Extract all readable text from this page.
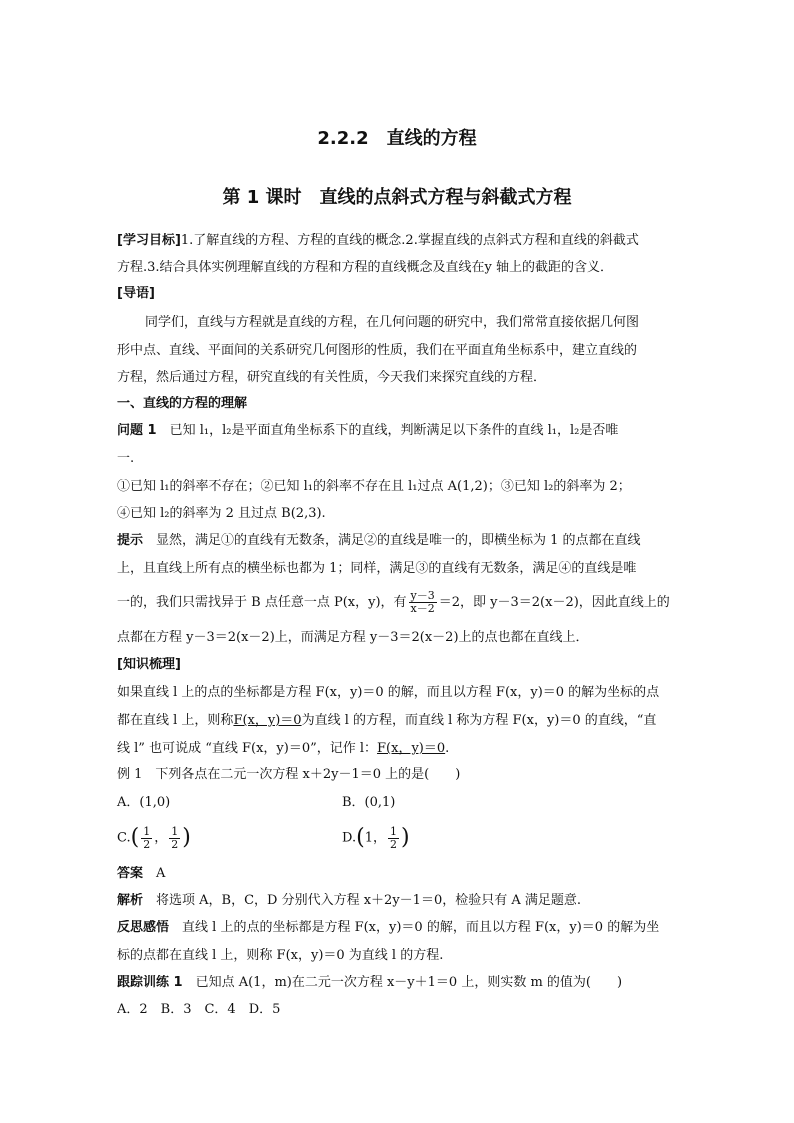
2.2.2　直线的方程
第 1 课时　直线的点斜式方程与斜截式方程
[学习目标]1.了解直线的方程、方程的直线的概念.2.掌握直线的点斜式方程和直线的斜截式
方程.3.结合具体实例理解直线的方程和方程的直线概念及直线在y 轴上的截距的含义．
[导语]
同学们，直线与方程就是直线的方程，在几何问题的研究中，我们常常直接依据几何图
形中点、直线、平面间的关系研究几何图形的性质，我们在平面直角坐标系中，建立直线的
方程，然后通过方程，研究直线的有关性质，今天我们来探究直线的方程．
一、直线的方程的理解
问题 1　已知 l₁，l₂是平面直角坐标系下的直线，判断满足以下条件的直线 l₁，l₂是否唯
一.
①已知 l₁的斜率不存在；②已知 l₁的斜率不存在且 l₁过点 A(1,2)；③已知 l₂的斜率为 2；
④已知 l₂的斜率为 2 且过点 B(2,3).
提示　显然，满足①的直线有无数条，满足②的直线是唯一的，即横坐标为 1 的点都在直线
上，且直线上所有点的横坐标也都为 1；同样，满足③的直线有无数条，满足④的直线是唯
一的，我们只需找异于 B 点任意一点 P(x，y)，有 $\frac{y-3}{x-2} =2$，即 y－3＝2(x－2)，因此直线上的
点都在方程 y－3＝2(x－2)上，而满足方程 y－3＝2(x－2)上的点也都在直线上．
[知识梳理]
如果直线 l 上的点的坐标都是方程 F(x，y)＝0 的解，而且以方程 F(x，y)＝0 的解为坐标的点
都在直线 l 上，则称F(x，y)＝0为直线 l 的方程，而直线 l 称为方程 F(x，y)＝0 的直线，“直
线 l” 也可说成 “直线 F(x，y)＝0”，记作 l：F(x，y)＝0.
例 1　下列各点在二元一次方程 x＋2y－1＝0 上的是(　　)
A．(1,0)	B．(0,1)
$C.( \frac{1}{2}$ ， $\frac{1}{2}$ )	D.(1， $\frac{1}{2}$ )
答案　A
解析　将选项 A，B，C，D 分别代入方程 x＋2y－1＝0，检验只有 A 满足题意.
反思感悟　直线 l 上的点的坐标都是方程 F(x，y)＝0 的解，而且以方程 F(x，y)＝0 的解为坐
标的点都在直线 l 上，则称 F(x，y)＝0 为直线 l 的方程.
跟踪训练 1　已知点 A(1，m)在二元一次方程 x－y＋1＝0 上，则实数 m 的值为(　　)
A．2　B．3　C．4　D．5
